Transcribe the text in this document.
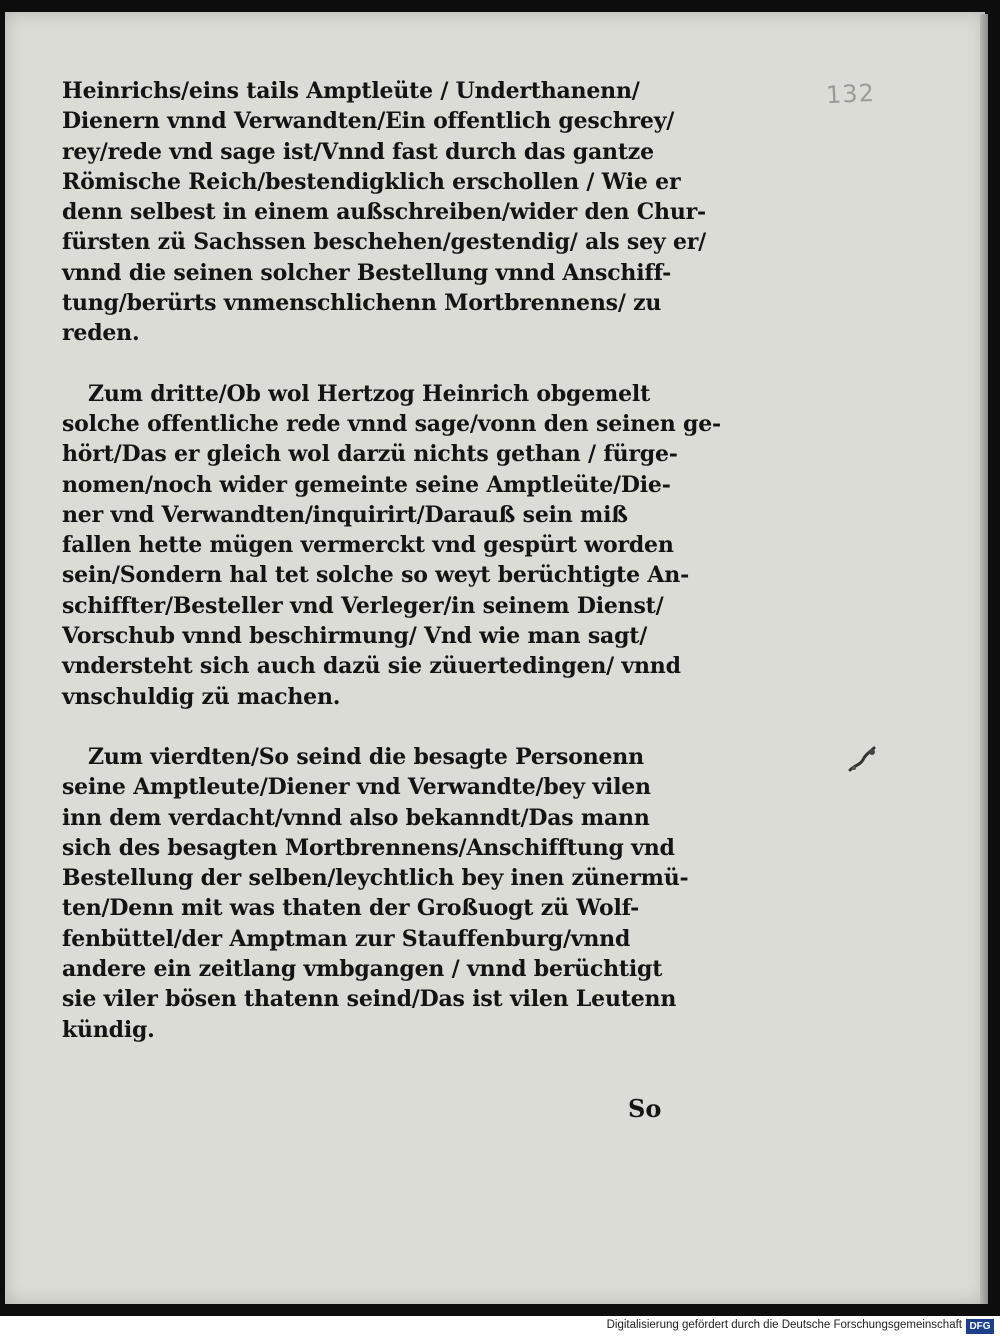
132
Heinrichs/eins tails Amptleüte / Underthanenn/
Dienern vnnd Verwandten/Ein offentlich geschrey/
rey/rede vnd sage ist/Vnnd fast durch das gantze
Römische Reich/bestendigklich erschollen / Wie er
denn selbest in einem außschreiben/wider den Chur-
fürsten zü Sachssen beschehen/gestendig/ als sey er/
vnnd die seinen solcher Bestellung vnnd Anschiff-
tung/berürts vnmenschlichenn Mortbrennens/ zu
reden.
Zum dritte/Ob wol Hertzog Heinrich obgemelt
solche offentliche rede vnnd sage/vonn den seinen ge-
hört/Das er gleich wol darzü nichts gethan / fürge-
nomen/noch wider gemeinte seine Amptleüte/Die-
ner vnd Verwandten/inquirirt/Darauß sein miß
fallen hette mügen vermerckt vnd gespürt worden
sein/Sondern hal tet solche so weyt berüchtigte An-
schiffter/Besteller vnd Verleger/in seinem Dienst/
Vorschub vnnd beschirmung/ Vnd wie man sagt/
vndersteht sich auch dazü sie züuertedingen/ vnnd
vnschuldig zü machen.
Zum vierdten/So seind die besagte Personenn
seine Amptleute/Diener vnd Verwandte/bey vilen
inn dem verdacht/vnnd also bekanndt/Das mann
sich des besagten Mortbrennens/Anschifftung vnd
Bestellung der selben/leychtlich bey inen zünermü-
ten/Denn mit was thaten der Großuogt zü Wolf-
fenbüttel/der Amptman zur Stauffenburg/vnnd
andere ein zeitlang vmbgangen / vnnd berüchtigt
sie viler bösen thatenn seind/Das ist vilen Leutenn
kündig.
So
Digitalisierung gefördert durch die Deutsche Forschungsgemeinschaft DFG
